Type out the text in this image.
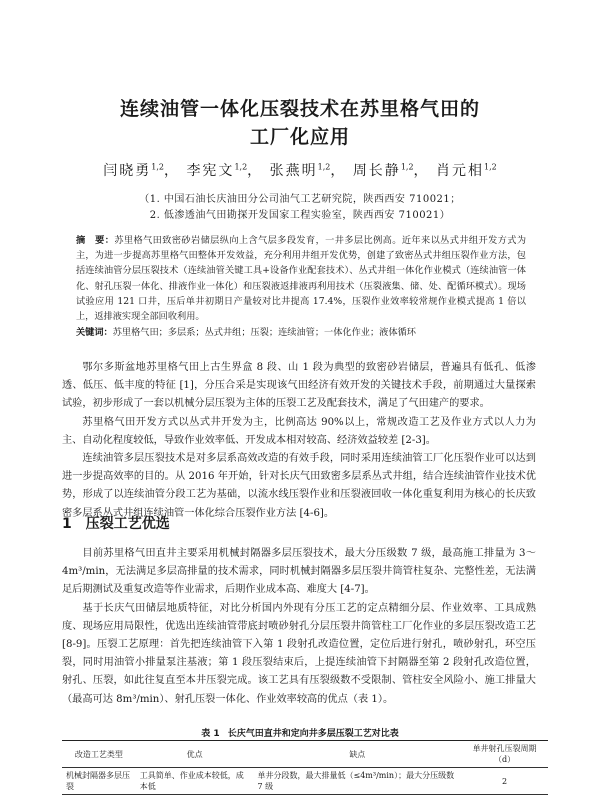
连续油管一体化压裂技术在苏里格气田的
工厂化应用
闫晓勇$^{1,2}$， 李宪文$^{1,2}$， 张燕明$^{1,2}$， 周长静$^{1,2}$， 肖元相$^{1,2}$
（1. 中国石油长庆油田分公司油气工艺研究院，陕西西安 710021；
2. 低渗透油气田勘探开发国家工程实验室，陕西西安 710021）
摘　要：苏里格气田致密砂岩储层纵向上含气层多段发育，一井多层比例高。近年来以丛式井组开发方式为主，为进一步提高苏里格气田整体开发效益，充分利用井组开发优势，创建了致密丛式井组压裂作业方法，包括连续油管分层压裂技术（连续油管关键工具+设备作业配套技术）、丛式井组一体化作业模式（连续油管一体化、射孔压裂一体化、排液作业一体化）和压裂液返排液再利用技术（压裂液集、储、处、配循环模式）。现场试验应用 121 口井，压后单井初期日产量较对比井提高 17.4%，压裂作业效率较常规作业模式提高 1 倍以上，返排液实现全部回收利用。
关键词：苏里格气田；多层系；丛式井组；压裂；连续油管；一体化作业；液体循环

鄂尔多斯盆地苏里格气田上古生界盒 8 段、山 1 段为典型的致密砂岩储层，普遍具有低孔、低渗透、低压、低丰度的特征 [1]，分压合采是实现该气田经济有效开发的关键技术手段，前期通过大量探索试验，初步形成了一套以机械分层压裂为主体的压裂工艺及配套技术，满足了气田建产的要求。

苏里格气田开发方式以丛式井开发为主，比例高达 90%以上，常规改造工艺及作业方式以人力为主、自动化程度较低，导致作业效率低、开发成本相对较高、经济效益较差 [2-3]。

连续油管多层压裂技术是对多层系高效改造的有效手段，同时采用连续油管工厂化压裂作业可以达到进一步提高效率的目的。从 2016 年开始，针对长庆气田致密多层系丛式井组，结合连续油管作业技术优势，形成了以连续油管分段工艺为基础，以流水线压裂作业和压裂液回收一体化重复利用为核心的长庆致密多层系丛式井组连续油管一体化综合压裂作业方法 [4-6]。

1 压裂工艺优选

目前苏里格气田直井主要采用机械封隔器多层压裂技术，最大分压级数 7 级，最高施工排量为 3～4m³/min，无法满足多层高排量的技术需求，同时机械封隔器多层压裂井筒管柱复杂、完整性差，无法满足后期测试及重复改造等作业需求，后期作业成本高、难度大 [4-7]。

基于长庆气田储层地质特征，对比分析国内外现有分压工艺的定点精细分层、作业效率、工具成熟度、现场应用局限性，优选出连续油管带底封喷砂射孔分层压裂井筒管柱工厂化作业的多层压裂改造工艺 [8-9]。压裂工艺原理：首先把连续油管下入第 1 段射孔改造位置，定位后进行射孔，喷砂射孔，环空压裂，同时用油管小排量泵注基液；第 1 段压裂结束后，上提连续油管下封隔器至第 2 段射孔改造位置，射孔、压裂，如此往复直至本井压裂完成。该工艺具有压裂级数不受限制、管柱安全风险小、施工排量大（最高可达 8m³/min）、射孔压裂一体化、作业效率较高的优点（表 1）。

表 1 长庆气田直井和定向井多层压裂工艺对比表
改造工艺类型	优点	缺点	单井射孔压裂周期（d）
机械封隔器多层压裂	工具简单、作业成本较低，成本低	单井分段数，最大排量低（≤4m³/min）；最大分压级数 7 级	2
